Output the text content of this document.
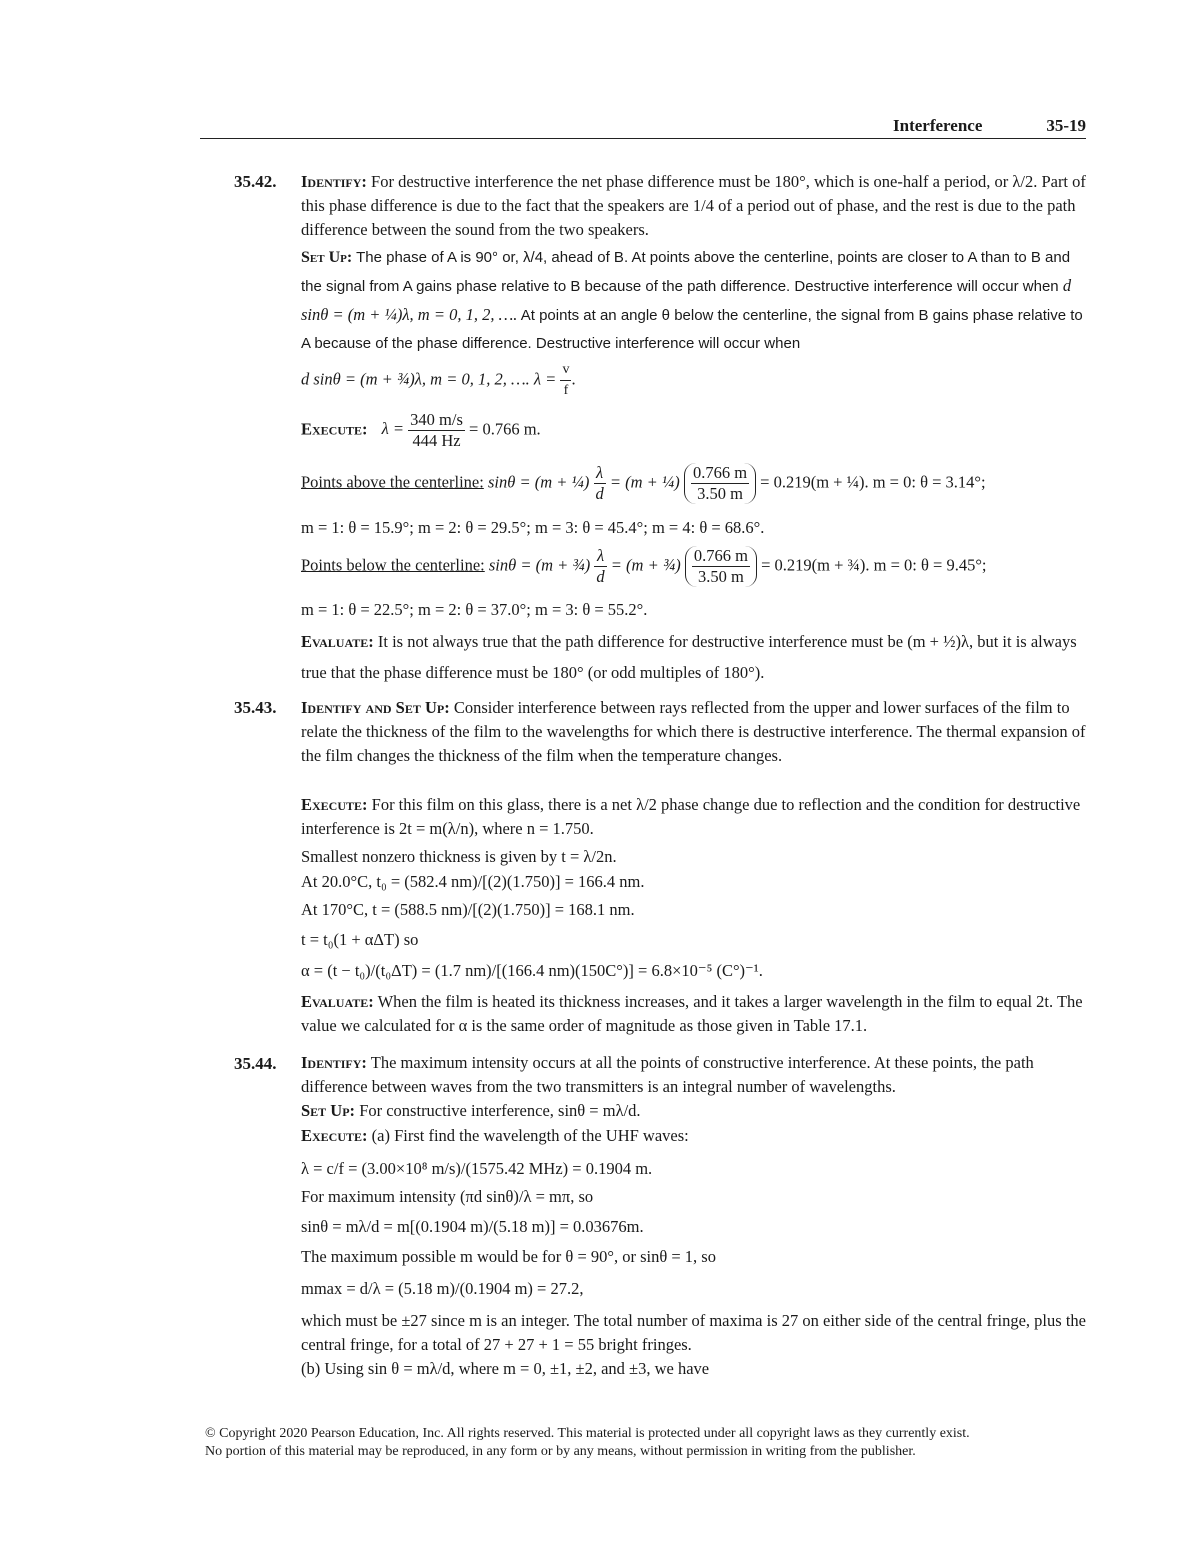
Interference	35-19
35.42. Identify: For destructive interference the net phase difference must be 180°, which is one-half a period, or λ/2. Part of this phase difference is due to the fact that the speakers are 1/4 of a period out of phase, and the rest is due to the path difference between the sound from the two speakers.
Set Up: The phase of A is 90° or, λ/4, ahead of B. At points above the centerline, points are closer to A than to B and the signal from A gains phase relative to B because of the path difference. Destructive interference will occur when d sinθ = (m + ¼)λ, m = 0, 1, 2, …. At points at an angle θ below the centerline, the signal from B gains phase relative to A because of the phase difference. Destructive interference will occur when
d sinθ = (m + ¾)λ, m = 0, 1, 2, …. $\lambda = \frac{v}{f}$ .
Execute: $\lambda = \frac{340 m/s}{444 Hz} = 0.766$ m.
Points above the centerline: sinθ = (m + ¼) $\frac{\lambda}{d} = (m$ + ¼) $\frac{0.766 m}{3.50 m} = 0.219(m$ + ¼). m = 0: θ = 3.14°;
m = 1: θ = 15.9°; m = 2: θ = 29.5°; m = 3: θ = 45.4°; m = 4: θ = 68.6°.
Points below the centerline: sinθ = (m + ¾) $\frac{\lambda}{d} = (m$ + ¾) $\frac{0.766 m}{3.50 m} = 0.219(m$ + ¾). m = 0: θ = 9.45°;
m = 1: θ = 22.5°; m = 2: θ = 37.0°; m = 3: θ = 55.2°.
Evaluate: It is not always true that the path difference for destructive interference must be (m + ½)λ, but it is always true that the phase difference must be 180° (or odd multiples of 180°).
35.43. Identify and Set Up: Consider interference between rays reflected from the upper and lower surfaces of the film to relate the thickness of the film to the wavelengths for which there is destructive interference. The thermal expansion of the film changes the thickness of the film when the temperature changes.
Execute: For this film on this glass, there is a net λ/2 phase change due to reflection and the condition for destructive interference is 2t = m(λ/n), where n = 1.750.
Smallest nonzero thickness is given by t = λ/2n.
At 20.0°C, t₀ = (582.4 nm)/[(2)(1.750)] = 166.4 nm.
At 170°C, t = (588.5 nm)/[(2)(1.750)] = 168.1 nm.
t = t₀(1 + αΔT) so
α = (t − t₀)/(t₀ΔT) = (1.7 nm)/[(166.4 nm)(150C°)] = 6.8×10⁻⁵ (C°)⁻¹.
Evaluate: When the film is heated its thickness increases, and it takes a larger wavelength in the film to equal 2t. The value we calculated for α is the same order of magnitude as those given in Table 17.1.
35.44. Identify: The maximum intensity occurs at all the points of constructive interference. At these points, the path difference between waves from the two transmitters is an integral number of wavelengths.
Set Up: For constructive interference, sinθ = mλ/d.
Execute: (a) First find the wavelength of the UHF waves:
λ = c/f = (3.00×10⁸ m/s)/(1575.42 MHz) = 0.1904 m.
For maximum intensity (πd sinθ)/λ = mπ, so
sinθ = mλ/d = m[(0.1904 m)/(5.18 m)] = 0.03676m.
The maximum possible m would be for θ = 90°, or sinθ = 1, so
mmax = d/λ = (5.18 m)/(0.1904 m) = 27.2,
which must be ±27 since m is an integer. The total number of maxima is 27 on either side of the central fringe, plus the central fringe, for a total of 27 + 27 + 1 = 55 bright fringes.
(b) Using sin θ = mλ/d, where m = 0, ±1, ±2, and ±3, we have
© Copyright 2020 Pearson Education, Inc. All rights reserved. This material is protected under all copyright laws as they currently exist.
No portion of this material may be reproduced, in any form or by any means, without permission in writing from the publisher.
